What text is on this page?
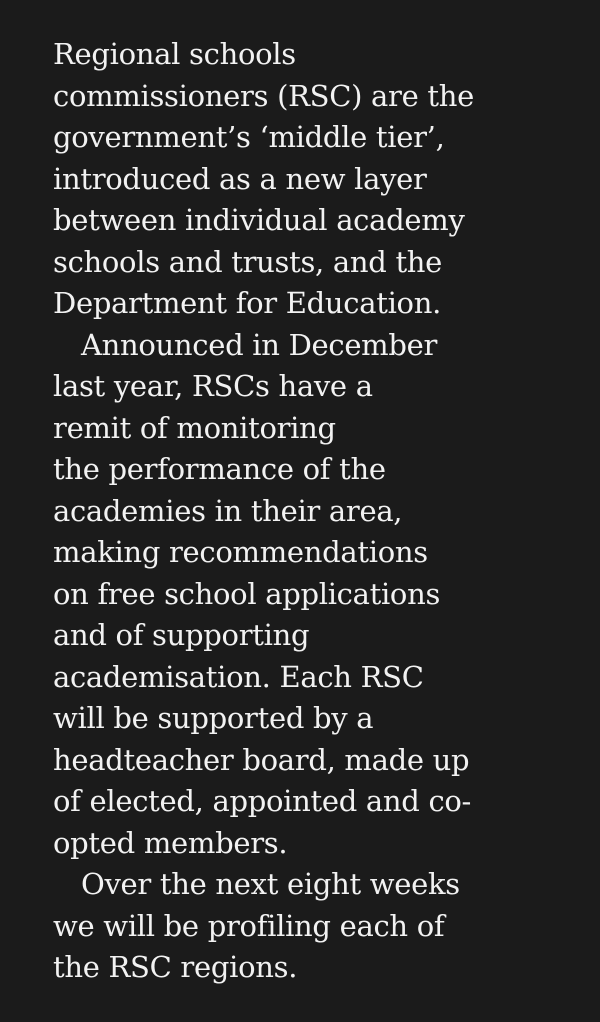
Regional schools
commissioners (RSC) are the
government’s ‘middle tier’,
introduced as a new layer
between individual academy
schools and trusts, and the
Department for Education.

Announced in December
last year, RSCs have a
remit of monitoring
the performance of the
academies in their area,
making recommendations
on free school applications
and of supporting
academisation. Each RSC
will be supported by a
headteacher board, made up
of elected, appointed and co-
opted members.

Over the next eight weeks
we will be profiling each of
the RSC regions.
